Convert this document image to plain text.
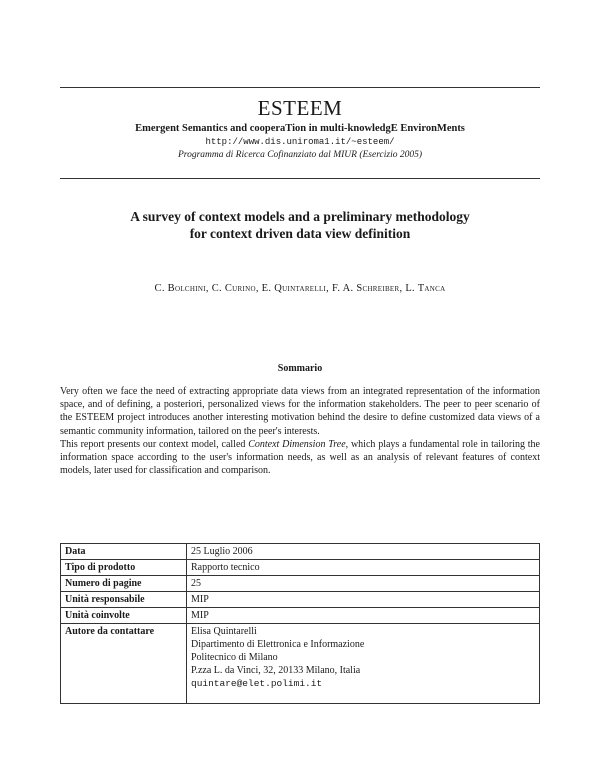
ESTEEM
Emergent Semantics and cooperaTion in multi-knowledgE EnvironMents
http://www.dis.uniroma1.it/~esteem/
Programma di Ricerca Cofinanziato dal MIUR (Esercizio 2005)
A survey of context models and a preliminary methodology for context driven data view definition
C. Bolchini, C. Curino, E. Quintarelli, F. A. Schreiber, L. Tanca
Sommario

Very often we face the need of extracting appropriate data views from an integrated representation of the information space, and of defining, a posteriori, personalized views for the information stakeholders. The peer to peer scenario of the ESTEEM project introduces another interesting motivation behind the desire to define customized data views of a semantic community information, tailored on the peer's interests.

This report presents our context model, called Context Dimension Tree, which plays a fundamental role in tailoring the information space according to the user's information needs, as well as an analysis of relevant features of context models, later used for classification and comparison.

Data	25 Luglio 2006
Tipo di prodotto	Rapporto tecnico
Numero di pagine	25
Unità responsabile	MIP
Unità coinvolte	MIP
Autore da contattare	Elisa Quintarelli
Dipartimento di Elettronica e Informazione
Politecnico di Milano
P.zza L. da Vinci, 32, 20133 Milano, Italia
quintare@elet.polimi.it
